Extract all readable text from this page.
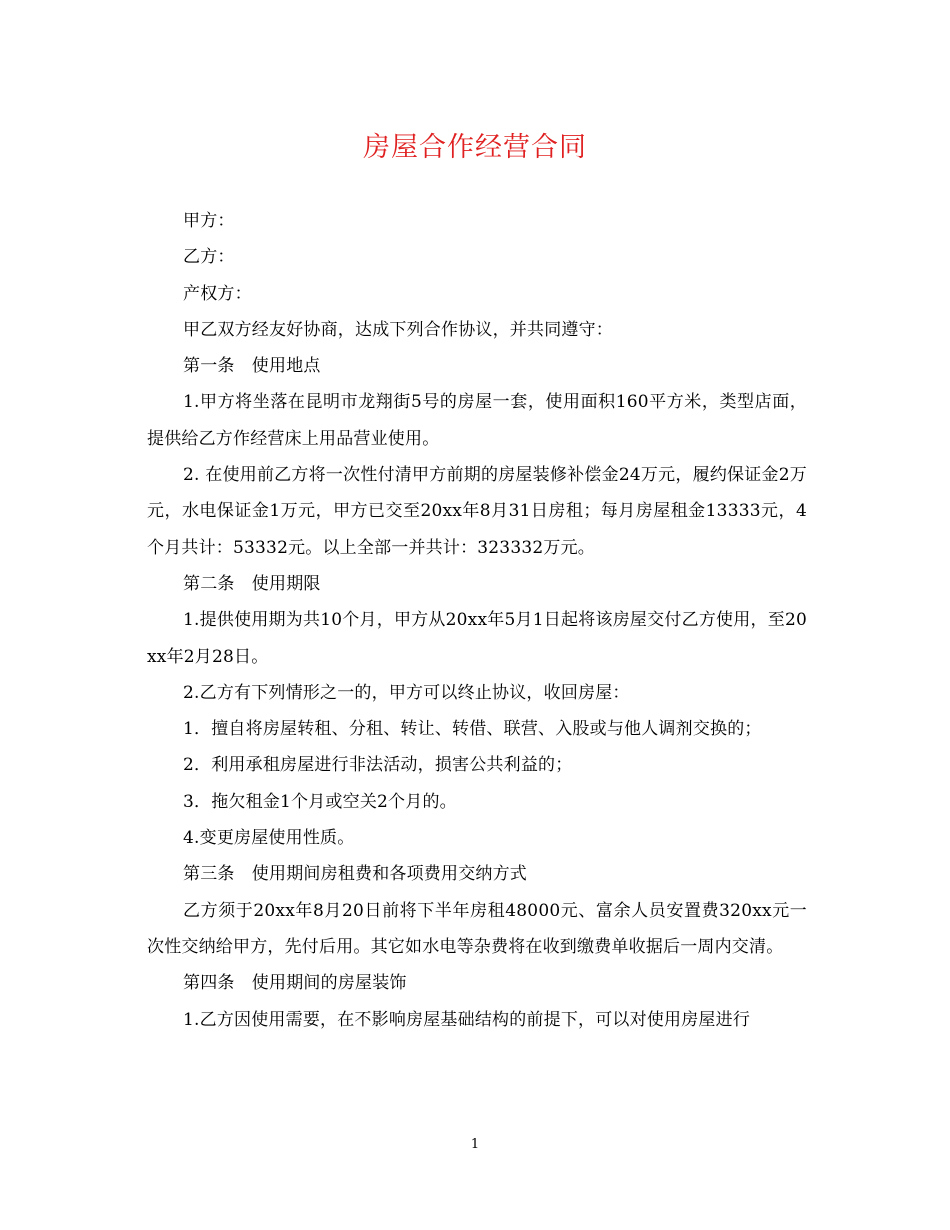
房屋合作经营合同

甲方：

乙方：

产权方：

甲乙双方经友好协商，达成下列合作协议，并共同遵守：

第一条　使用地点

1.甲方将坐落在昆明市龙翔街5号的房屋一套，使用面积160平方米，类型店面，提供给乙方作经营床上用品营业使用。

2. 在使用前乙方将一次性付清甲方前期的房屋装修补偿金24万元，履约保证金2万元，水电保证金1万元，甲方已交至20xx年8月31日房租；每月房屋租金13333元，4个月共计：53332元。以上全部一并共计：323332万元。

第二条　使用期限

1.提供使用期为共10个月，甲方从20xx年5月1日起将该房屋交付乙方使用，至20xx年2月28日。

2.乙方有下列情形之一的，甲方可以终止协议，收回房屋：

1．擅自将房屋转租、分租、转让、转借、联营、入股或与他人调剂交换的；

2．利用承租房屋进行非法活动，损害公共利益的；

3．拖欠租金1个月或空关2个月的。

4.变更房屋使用性质。

第三条　使用期间房租费和各项费用交纳方式

乙方须于20xx年8月20日前将下半年房租48000元、富余人员安置费320xx元一次性交纳给甲方，先付后用。其它如水电等杂费将在收到缴费单收据后一周内交清。

第四条　使用期间的房屋装饰

1.乙方因使用需要，在不影响房屋基础结构的前提下，可以对使用房屋进行

1
